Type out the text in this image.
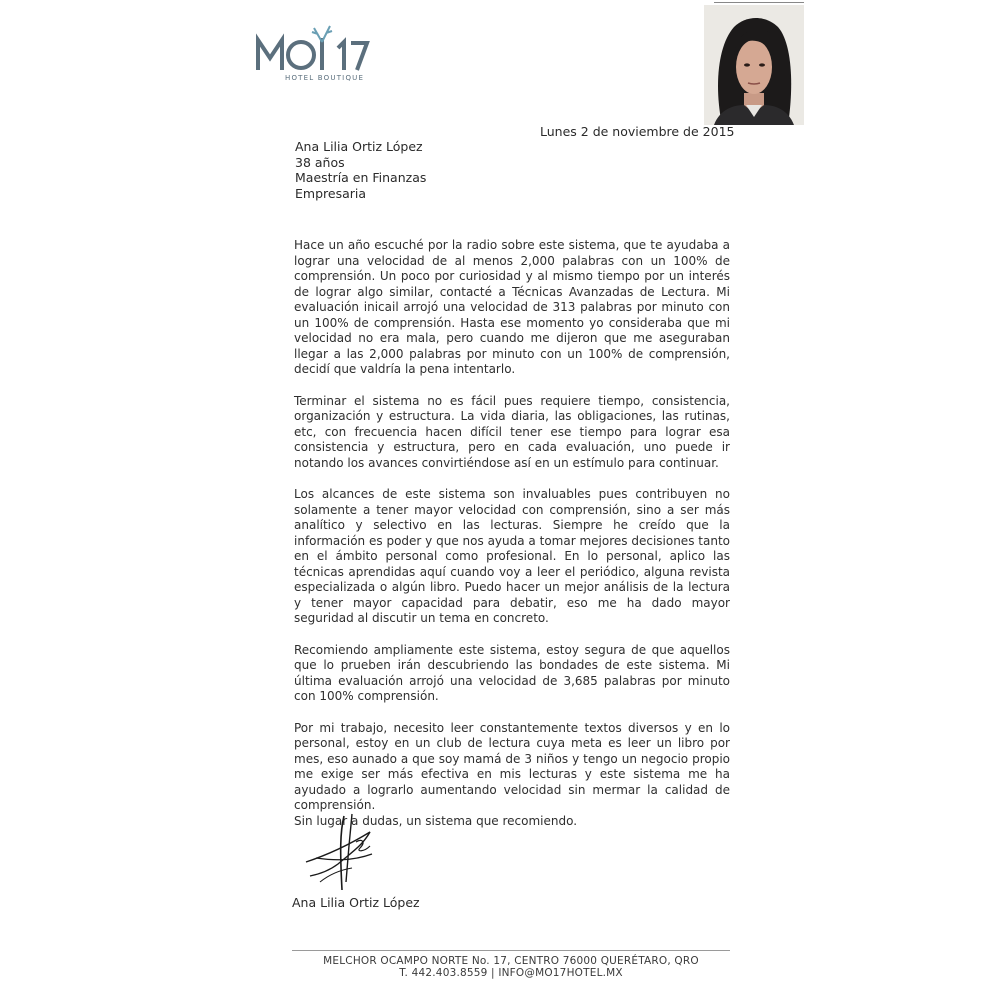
HOTEL BOUTIQUE
Lunes 2 de noviembre de 2015
Ana Lilia Ortiz López
38 años
Maestría en Finanzas
Empresaria

Hace un año escuché por la radio sobre este sistema, que te ayudaba a lograr una velocidad de al menos 2,000 palabras con un 100% de comprensión. Un poco por curiosidad y al mismo tiempo por un interés de lograr algo similar, contacté a Técnicas Avanzadas de Lectura. Mi evaluación inicail arrojó una velocidad de 313 palabras por minuto con un 100% de comprensión. Hasta ese momento yo consideraba que mi velocidad no era mala, pero cuando me dijeron que me aseguraban llegar a las 2,000 palabras por minuto con un 100% de comprensión, decidí que valdría la pena intentarlo.

Terminar el sistema no es fácil pues requiere tiempo, consistencia, organización y estructura. La vida diaria, las obligaciones, las rutinas, etc, con frecuencia hacen difícil tener ese tiempo para lograr esa consistencia y estructura, pero en cada evaluación, uno puede ir notando los avances convirtiéndose así en un estímulo para continuar.

Los alcances de este sistema son invaluables pues contribuyen no solamente a tener mayor velocidad con comprensión, sino a ser más analítico y selectivo en las lecturas. Siempre he creído que la información es poder y que nos ayuda a tomar mejores decisiones tanto en el ámbito personal como profesional. En lo personal, aplico las técnicas aprendidas aquí cuando voy a leer el periódico, alguna revista especializada o algún libro. Puedo hacer un mejor análisis de la lectura y tener mayor capacidad para debatir, eso me ha dado mayor seguridad al discutir un tema en concreto.

Recomiendo ampliamente este sistema, estoy segura de que aquellos que lo prueben irán descubriendo las bondades de este sistema. Mi última evaluación arrojó una velocidad de 3,685 palabras por minuto con 100% comprensión.

Por mi trabajo, necesito leer constantemente textos diversos y en lo personal, estoy en un club de lectura cuya meta es leer un libro por mes, eso aunado a que soy mamá de 3 niños y tengo un negocio propio me exige ser más efectiva en mis lecturas y este sistema me ha ayudado a lograrlo aumentando velocidad sin mermar la calidad de comprensión.

Sin lugar a dudas, un sistema que recomiendo.

Ana Lilia Ortiz López
MELCHOR OCAMPO NORTE No. 17, CENTRO 76000 QUERÉTARO, QRO
T. 442.403.8559 | INFO@MO17HOTEL.MX
